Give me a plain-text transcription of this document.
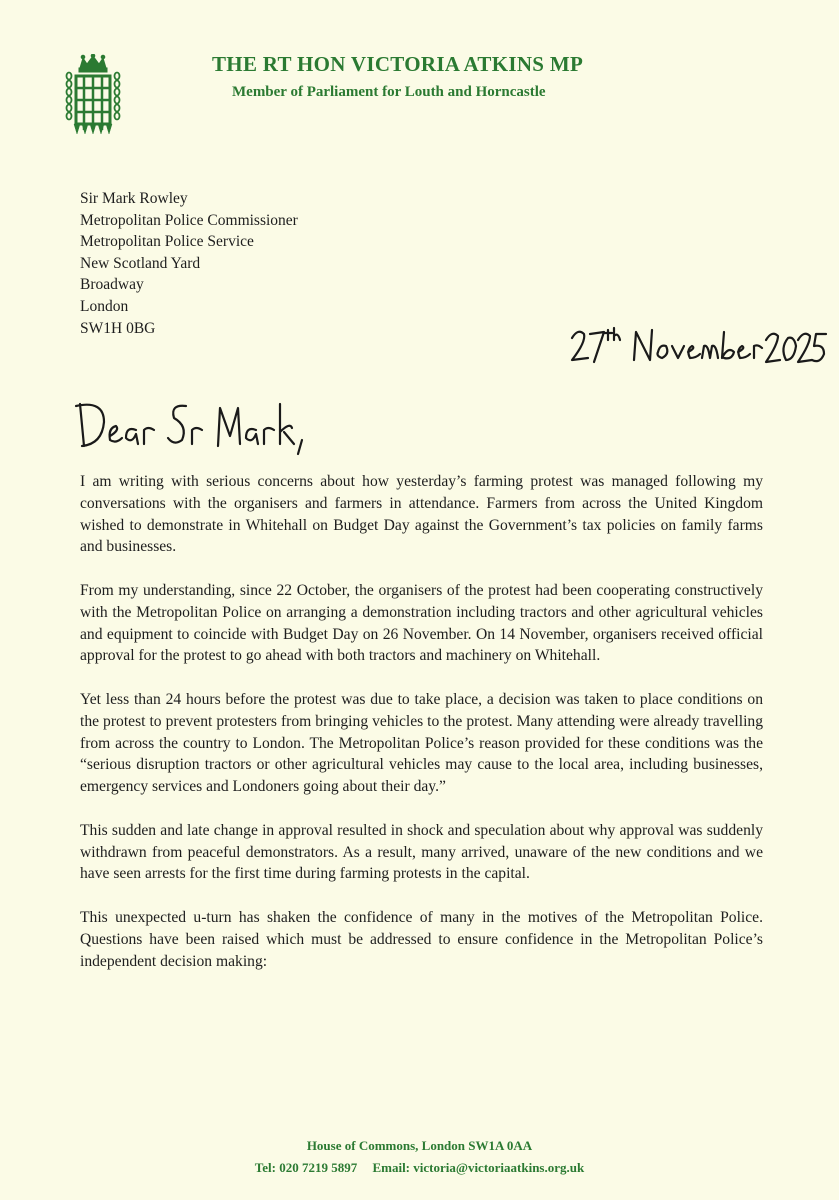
THE RT HON VICTORIA ATKINS MP
Member of Parliament for Louth and Horncastle
Sir Mark Rowley
Metropolitan Police Commissioner
Metropolitan Police Service
New Scotland Yard
Broadway
London
SW1H 0BG

I am writing with serious concerns about how yesterday’s farming protest was managed following my conversations with the organisers and farmers in attendance. Farmers from across the United Kingdom wished to demonstrate in Whitehall on Budget Day against the Government’s tax policies on family farms and businesses.

From my understanding, since 22 October, the organisers of the protest had been cooperating constructively with the Metropolitan Police on arranging a demonstration including tractors and other agricultural vehicles and equipment to coincide with Budget Day on 26 November. On 14 November, organisers received official approval for the protest to go ahead with both tractors and machinery on Whitehall.

Yet less than 24 hours before the protest was due to take place, a decision was taken to place conditions on the protest to prevent protesters from bringing vehicles to the protest. Many attending were already travelling from across the country to London. The Metropolitan Police’s reason provided for these conditions was the “serious disruption tractors or other agricultural vehicles may cause to the local area, including businesses, emergency services and Londoners going about their day.”

This sudden and late change in approval resulted in shock and speculation about why approval was suddenly withdrawn from peaceful demonstrators. As a result, many arrived, unaware of the new conditions and we have seen arrests for the first time during farming protests in the capital.

This unexpected u-turn has shaken the confidence of many in the motives of the Metropolitan Police. Questions have been raised which must be addressed to ensure confidence in the Metropolitan Police’s independent decision making:

House of Commons, London SW1A 0AA
Tel: 020 7219 5897 Email: victoria@victoriaatkins.org.uk
